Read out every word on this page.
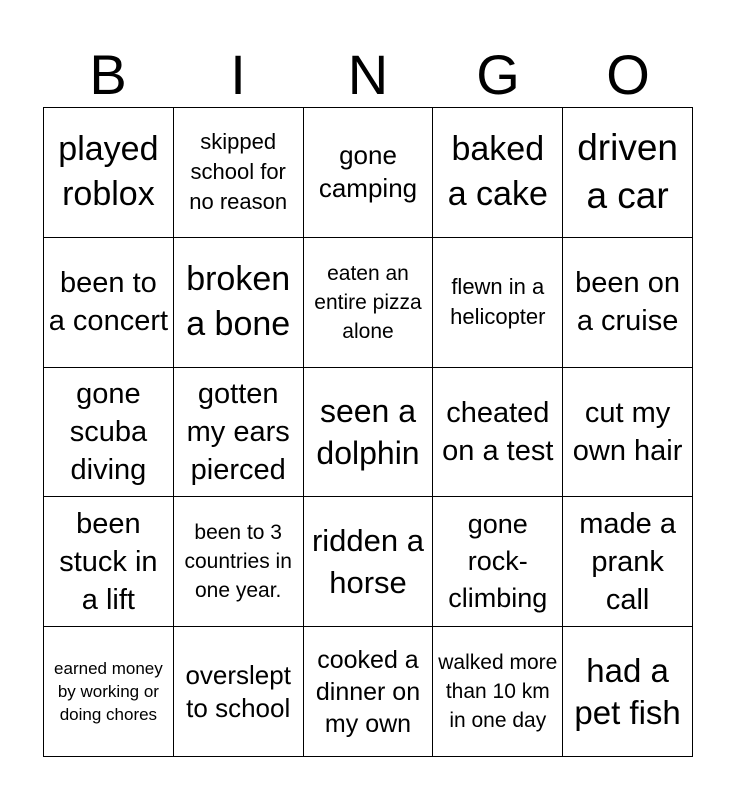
B	I	N	G	O
played roblox
skipped school for no reason
gone camping
baked a cake
driven a car
been to a concert
broken a bone
eaten an entire pizza alone
flewn in a helicopter
been on a cruise
gone scuba diving
gotten my ears pierced
seen a dolphin
cheated on a test
cut my own hair
been stuck in a lift
been to 3 countries in one year.
ridden a horse
gone rock-climbing
made a prank call
earned money by working or doing chores
overslept to school
cooked a dinner on my own
walked more than 10 km in one day
had a pet fish
